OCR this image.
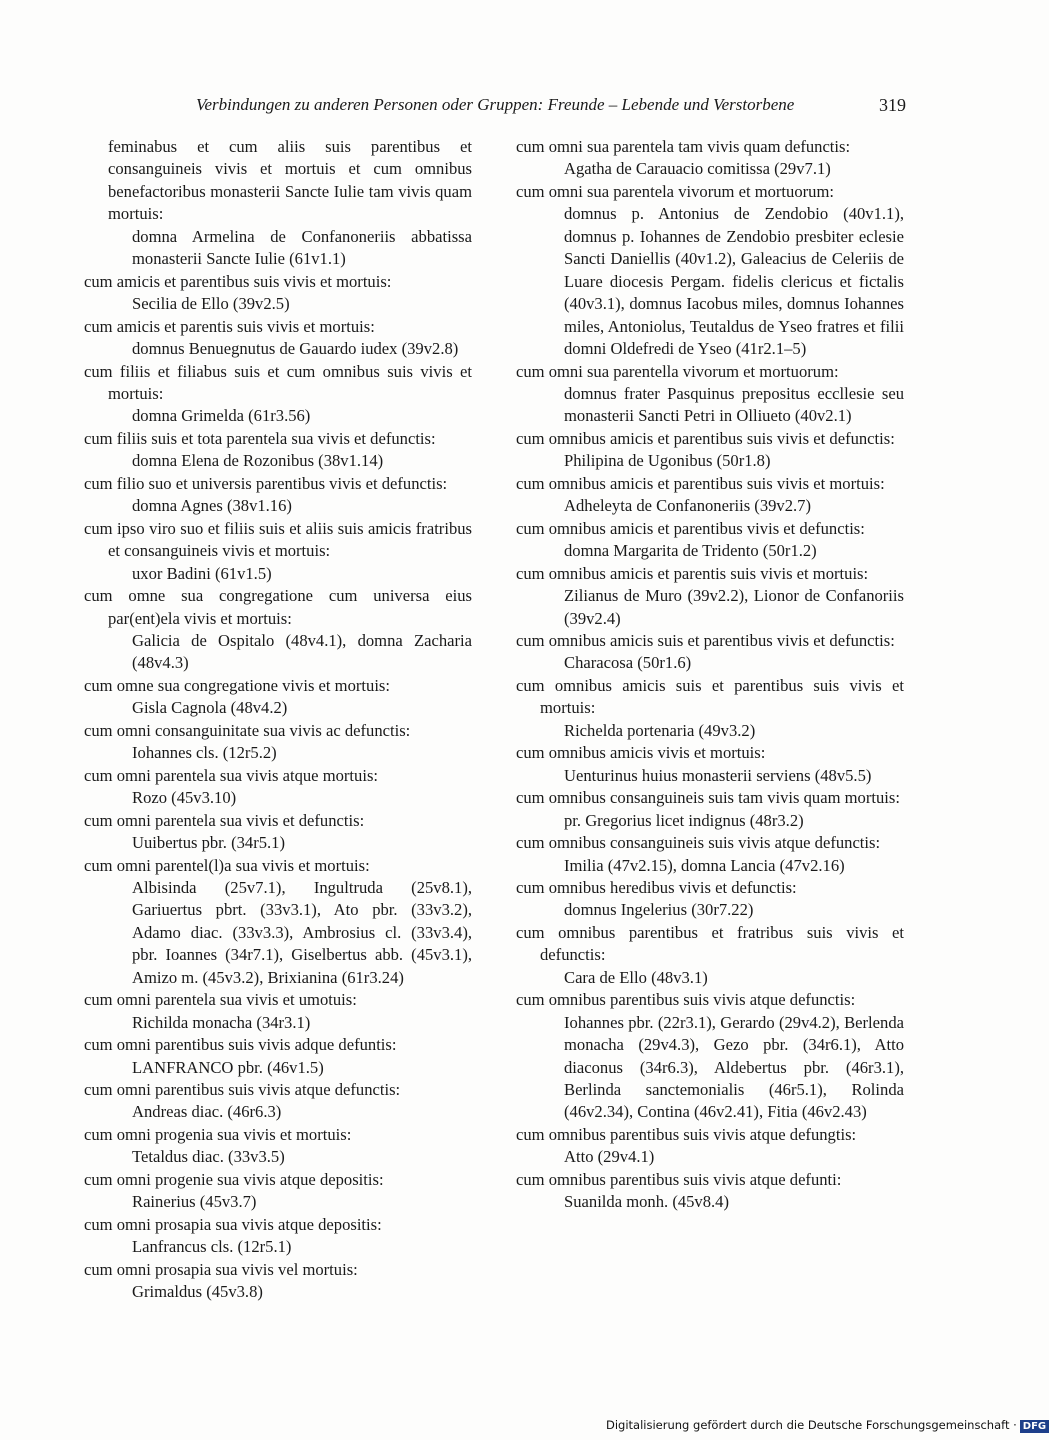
Verbindungen zu anderen Personen oder Gruppen: Freunde – Lebende und Verstorbene	319
feminabus et cum aliis suis parentibus et consanguineis vivis et mortuis et cum omnibus benefactoribus monasterii Sancte Iulie tam vivis quam mortuis:
domna Armelina de Confanoneriis abbatissa monasterii Sancte Iulie (61v1.1)
cum amicis et parentibus suis vivis et mortuis:
Secilia de Ello (39v2.5)
cum amicis et parentis suis vivis et mortuis:
domnus Benuegnutus de Gauardo iudex (39v2.8)
cum filiis et filiabus suis et cum omnibus suis vivis et mortuis:
domna Grimelda (61r3.56)
cum filiis suis et tota parentela sua vivis et defunctis:
domna Elena de Rozonibus (38v1.14)
cum filio suo et universis parentibus vivis et defunctis:
domna Agnes (38v1.16)
cum ipso viro suo et filiis suis et aliis suis amicis fratribus et consanguineis vivis et mortuis:
uxor Badini (61v1.5)
cum omne sua congregatione cum universa eius par(ent)ela vivis et mortuis:
Galicia de Ospitalo (48v4.1), domna Zacharia (48v4.3)
cum omne sua congregatione vivis et mortuis:
Gisla Cagnola (48v4.2)
cum omni consanguinitate sua vivis ac defunctis:
Iohannes cls. (12r5.2)
cum omni parentela sua vivis atque mortuis:
Rozo (45v3.10)
cum omni parentela sua vivis et defunctis:
Uuibertus pbr. (34r5.1)
cum omni parentel(l)a sua vivis et mortuis:
Albisinda (25v7.1), Ingultruda (25v8.1), Gariuertus pbrt. (33v3.1), Ato pbr. (33v3.2), Adamo diac. (33v3.3), Ambrosius cl. (33v3.4), pbr. Ioannes (34r7.1), Giselbertus abb. (45v3.1), Amizo m. (45v3.2), Brixianina (61r3.24)
cum omni parentela sua vivis et umotuis:
Richilda monacha (34r3.1)
cum omni parentibus suis vivis adque defuntis:
LANFRANCO pbr. (46v1.5)
cum omni parentibus suis vivis atque defunctis:
Andreas diac. (46r6.3)
cum omni progenia sua vivis et mortuis:
Tetaldus diac. (33v3.5)
cum omni progenie sua vivis atque depositis:
Rainerius (45v3.7)
cum omni prosapia sua vivis atque depositis:
Lanfrancus cls. (12r5.1)
cum omni prosapia sua vivis vel mortuis:
Grimaldus (45v3.8)
cum omni sua parentela tam vivis quam defunctis:
Agatha de Carauacio comitissa (29v7.1)
cum omni sua parentela vivorum et mortuorum:
domnus p. Antonius de Zendobio (40v1.1), domnus p. Iohannes de Zendobio presbiter eclesie Sancti Daniellis (40v1.2), Galeacius de Celeriis de Luare diocesis Pergam. fidelis clericus et fictalis (40v3.1), domnus Iacobus miles, domnus Iohannes miles, Antoniolus, Teutaldus de Yseo fratres et filii domni Oldefredi de Yseo (41r2.1–5)
cum omni sua parentella vivorum et mortuorum:
domnus frater Pasquinus prepositus eccllesie seu monasterii Sancti Petri in Olliueto (40v2.1)
cum omnibus amicis et parentibus suis vivis et defunctis:
Philipina de Ugonibus (50r1.8)
cum omnibus amicis et parentibus suis vivis et mortuis:
Adheleyta de Confanoneriis (39v2.7)
cum omnibus amicis et parentibus vivis et defunctis:
domna Margarita de Tridento (50r1.2)
cum omnibus amicis et parentis suis vivis et mortuis:
Zilianus de Muro (39v2.2), Lionor de Confanoriis (39v2.4)
cum omnibus amicis suis et parentibus vivis et defunctis:
Characosa (50r1.6)
cum omnibus amicis suis et parentibus suis vivis et mortuis:
Richelda portenaria (49v3.2)
cum omnibus amicis vivis et mortuis:
Uenturinus huius monasterii serviens (48v5.5)
cum omnibus consanguineis suis tam vivis quam mortuis:
pr. Gregorius licet indignus (48r3.2)
cum omnibus consanguineis suis vivis atque defunctis:
Imilia (47v2.15), domna Lancia (47v2.16)
cum omnibus heredibus vivis et defunctis:
domnus Ingelerius (30r7.22)
cum omnibus parentibus et fratribus suis vivis et defunctis:
Cara de Ello (48v3.1)
cum omnibus parentibus suis vivis atque defunctis:
Iohannes pbr. (22r3.1), Gerardo (29v4.2), Berlenda monacha (29v4.3), Gezo pbr. (34r6.1), Atto diaconus (34r6.3), Aldebertus pbr. (46r3.1), Berlinda sanctemonialis (46r5.1), Rolinda (46v2.34), Contina (46v2.41), Fitia (46v2.43)
cum omnibus parentibus suis vivis atque defungtis:
Atto (29v4.1)
cum omnibus parentibus suis vivis atque defunti:
Suanilda monh. (45v8.4)
Digitalisierung gefördert durch die Deutsche Forschungsgemeinschaft · DFG
